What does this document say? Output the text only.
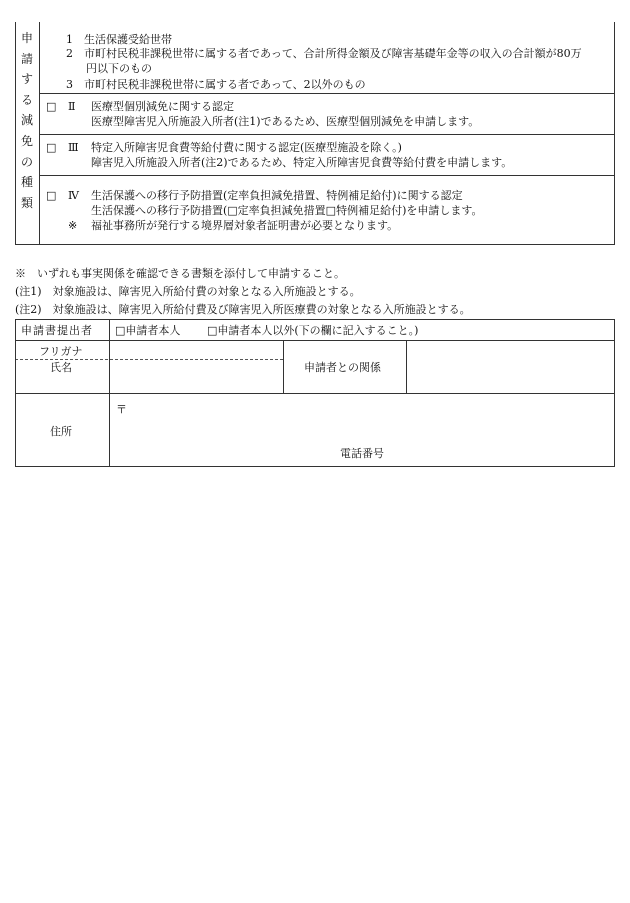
申
請
す
る
減
免
の
種
類
1　生活保護受給世帯
2　市町村民税非課税世帯に属する者であって、合計所得金額及び障害基礎年金等の収入の合計額が80万
円以下のもの
3　市町村民税非課税世帯に属する者であって、2以外のもの
□ Ⅱ 医療型個別減免に関する認定
医療型障害児入所施設入所者(注1)であるため、医療型個別減免を申請します。
□ Ⅲ 特定入所障害児食費等給付費に関する認定(医療型施設を除く。)
障害児入所施設入所者(注2)であるため、特定入所障害児食費等給付費を申請します。
□ Ⅳ 生活保護への移行予防措置(定率負担減免措置、特例補足給付)に関する認定
生活保護への移行予防措置(□定率負担減免措置□特例補足給付)を申請します。
※ 福祉事務所が発行する境界層対象者証明書が必要となります。
※　いずれも事実関係を確認できる書類を添付して申請すること。
(注1)　対象施設は、障害児入所給付費の対象となる入所施設とする。
(注2)　対象施設は、障害児入所給付費及び障害児入所医療費の対象となる入所施設とする。
申請書提出者 □申請者本人 □申請者本人以外(下の欄に記入すること。)
フリガナ
氏名	申請者との関係
住所
〒
電話番号
